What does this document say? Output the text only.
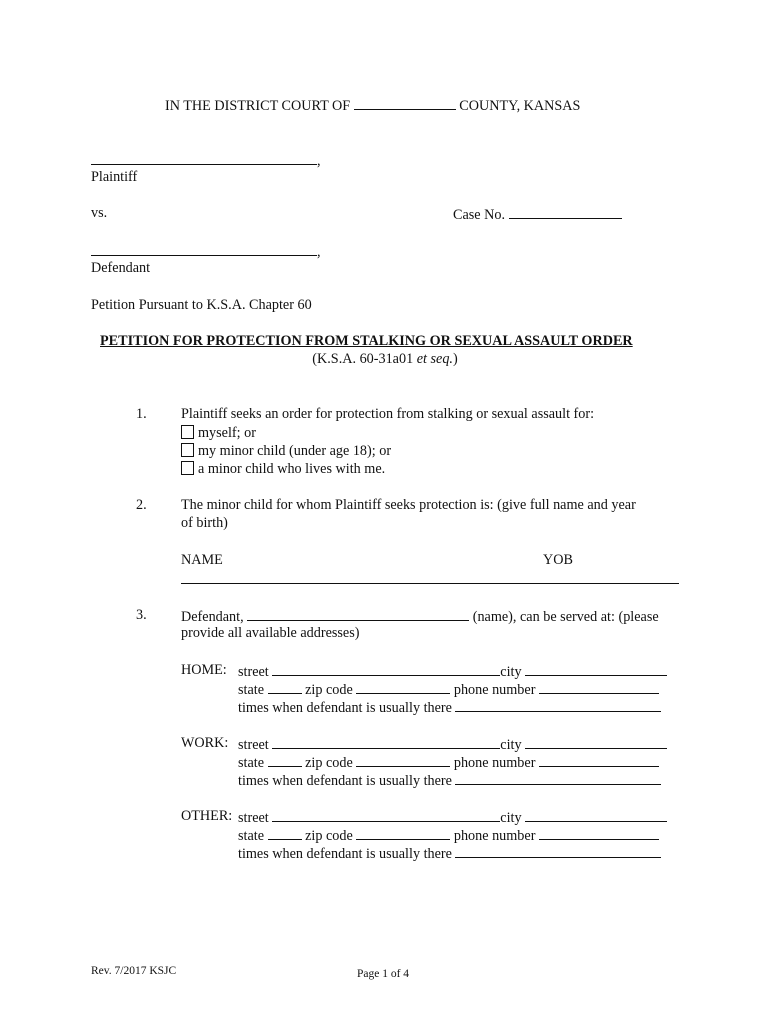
IN THE DISTRICT COURT OF	COUNTY, KANSAS
,
Plaintiff
vs.	Case No.
,
Defendant
Petition Pursuant to K.S.A. Chapter 60
PETITION FOR PROTECTION FROM STALKING OR SEXUAL ASSAULT ORDER
(K.S.A. 60-31a01 et seq.)
1. Plaintiff seeks an order for protection from stalking or sexual assault for:
myself; or
my minor child (under age 18); or
a minor child who lives with me.
2. The minor child for whom Plaintiff seeks protection is: (give full name and year
of birth)
NAME	YOB
3. Defendant,	(name), can be served at: (please
provide all available addresses)
HOME: street	city
state	zip code	phone number
times when defendant is usually there
WORK: street	city
state	zip code	phone number
times when defendant is usually there
OTHER: street	city
state	zip code	phone number
times when defendant is usually there
Rev. 7/2017 KSJC	Page 1 of 4
